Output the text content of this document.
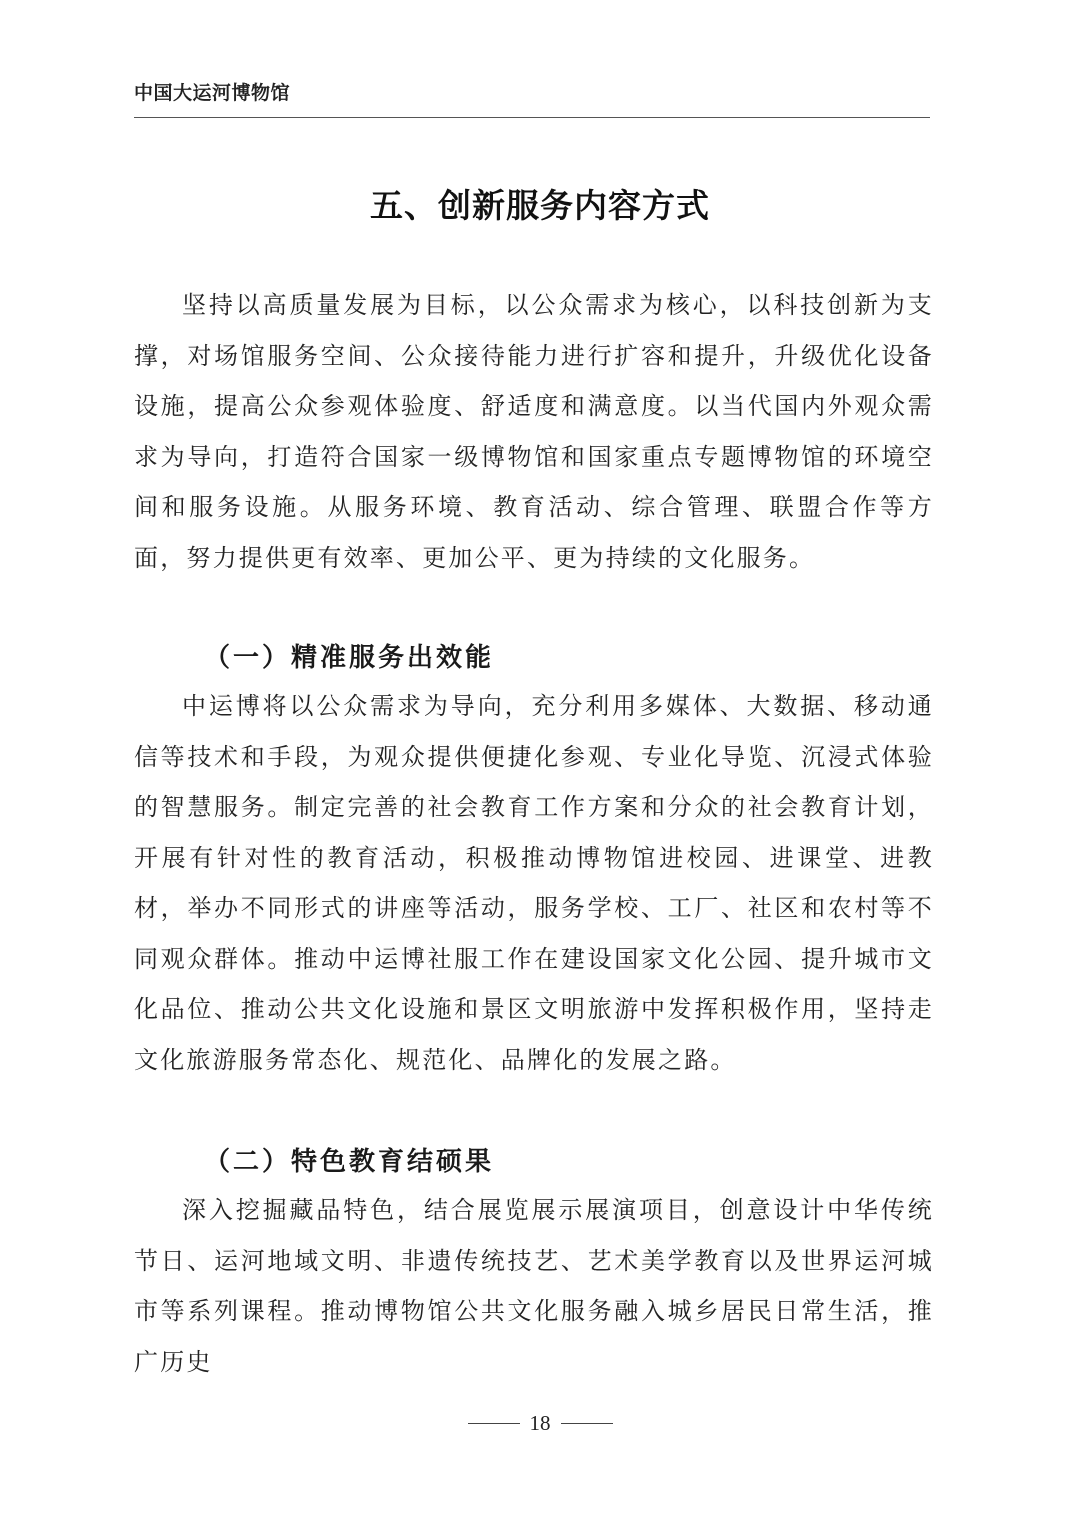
中国大运河博物馆
五、创新服务内容方式

坚持以高质量发展为目标，以公众需求为核心，以科技创新为支撑，对场馆服务空间、公众接待能力进行扩容和提升，升级优化设备设施，提高公众参观体验度、舒适度和满意度。以当代国内外观众需求为导向，打造符合国家一级博物馆和国家重点专题博物馆的环境空间和服务设施。从服务环境、教育活动、综合管理、联盟合作等方面，努力提供更有效率、更加公平、更为持续的文化服务。

（一）精准服务出效能

中运博将以公众需求为导向，充分利用多媒体、大数据、移动通信等技术和手段，为观众提供便捷化参观、专业化导览、沉浸式体验的智慧服务。制定完善的社会教育工作方案和分众的社会教育计划，开展有针对性的教育活动，积极推动博物馆进校园、进课堂、进教材，举办不同形式的讲座等活动，服务学校、工厂、社区和农村等不同观众群体。推动中运博社服工作在建设国家文化公园、提升城市文化品位、推动公共文化设施和景区文明旅游中发挥积极作用，坚持走文化旅游服务常态化、规范化、品牌化的发展之路。

（二）特色教育结硕果

深入挖掘藏品特色，结合展览展示展演项目，创意设计中华传统节日、运河地域文明、非遗传统技艺、艺术美学教育以及世界运河城市等系列课程。推动博物馆公共文化服务融入城乡居民日常生活，推广历史

18
